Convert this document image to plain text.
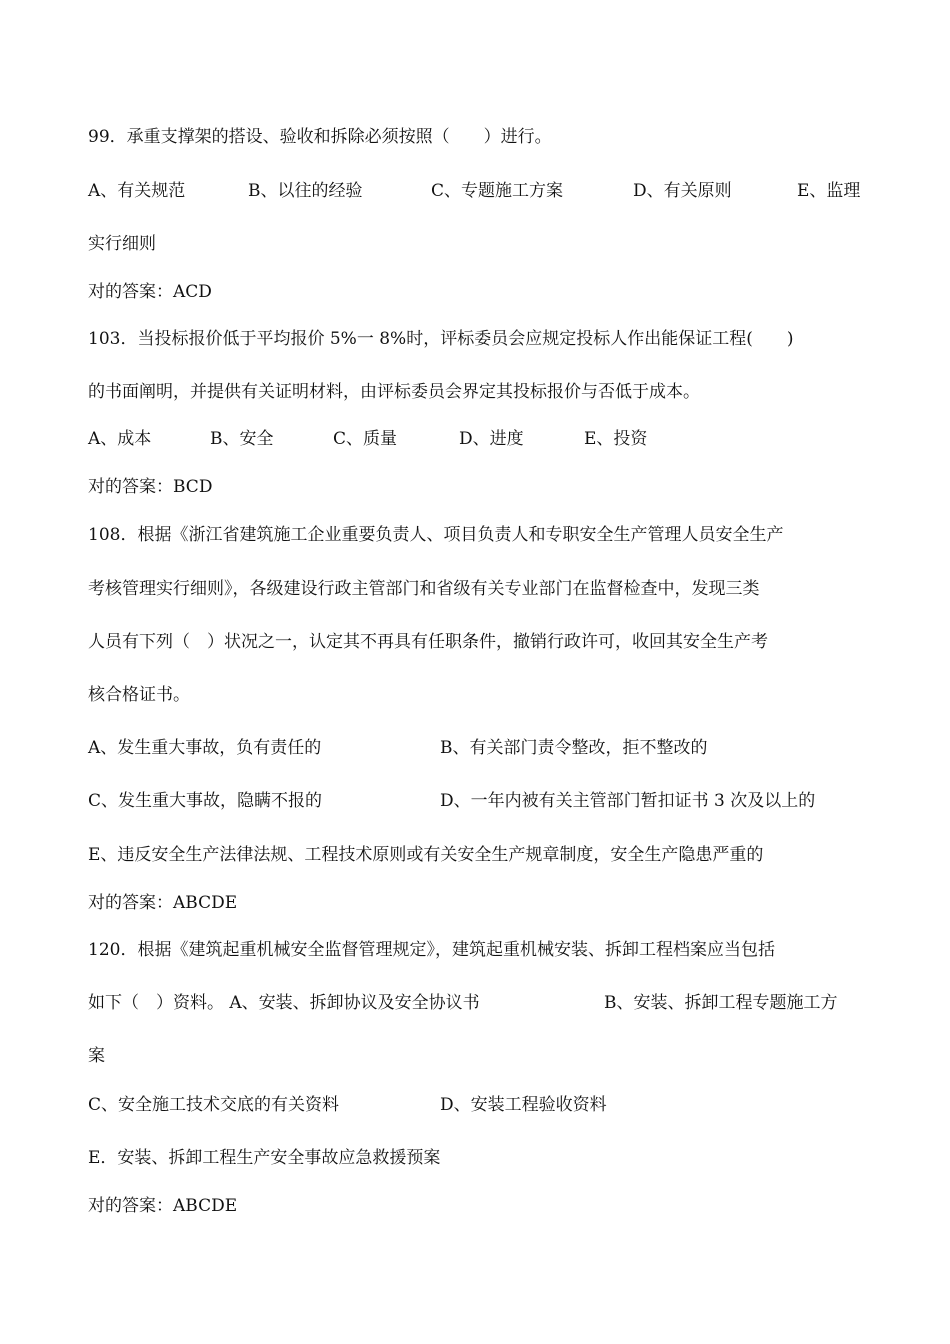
99．承重支撑架的搭设、验收和拆除必须按照（　　）进行。
A、有关规范	B、以往的经验	C、专题施工方案	D、有关原则	E、监理
实行细则
对的答案：ACD
103．当投标报价低于平均报价 5%一 8%时，评标委员会应规定投标人作出能保证工程(　　)
的书面阐明，并提供有关证明材料，由评标委员会界定其投标报价与否低于成本。
A、成本	B、安全	C、质量	D、进度	E、投资
对的答案：BCD
108．根据《浙江省建筑施工企业重要负责人、项目负责人和专职安全生产管理人员安全生产
考核管理实行细则》，各级建设行政主管部门和省级有关专业部门在监督检查中，发现三类
人员有下列（　）状况之一，认定其不再具有任职条件，撤销行政许可，收回其安全生产考
核合格证书。
A、发生重大事故，负有责任的	B、有关部门责令整改，拒不整改的
C、发生重大事故，隐瞒不报的	D、一年内被有关主管部门暂扣证书 3 次及以上的
E、违反安全生产法律法规、工程技术原则或有关安全生产规章制度，安全生产隐患严重的
对的答案：ABCDE
120．根据《建筑起重机械安全监督管理规定》，建筑起重机械安装、拆卸工程档案应当包括
如下（　）资料。 A、安装、拆卸协议及安全协议书	B、安装、拆卸工程专题施工方
案
C、安全施工技术交底的有关资料	D、安装工程验收资料
E．安装、拆卸工程生产安全事故应急救援预案
对的答案：ABCDE
